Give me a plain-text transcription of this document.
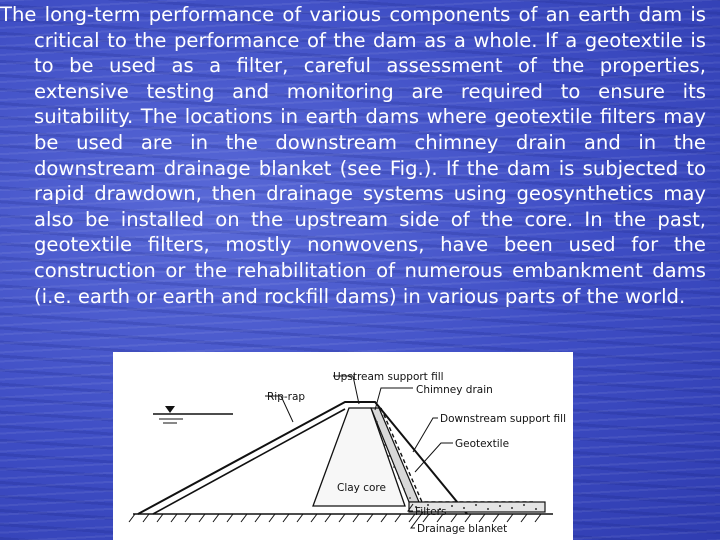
The long-term performance of various components of an earth dam is critical to the performance of the dam as a whole. If a geotextile is to be used as a filter, careful assessment of the properties, extensive testing and monitoring are required to ensure its suitability. The locations in earth dams where geotextile filters may be used are in the downstream chimney drain and in the downstream drainage blanket (see Fig.). If the dam is subjected to rapid drawdown, then drainage systems using geosynthetics may also be installed on the upstream side of the core. In the past, geotextile filters, mostly nonwovens, have been used for the construction or the rehabilitation of numerous embankment dams (i.e. earth or earth and rockfill dams) in various parts of the world.

Upstream support fill
Rip-rap
Chimney drain
Downstream support fill
Geotextile
Clay core
Filters
Drainage blanket
